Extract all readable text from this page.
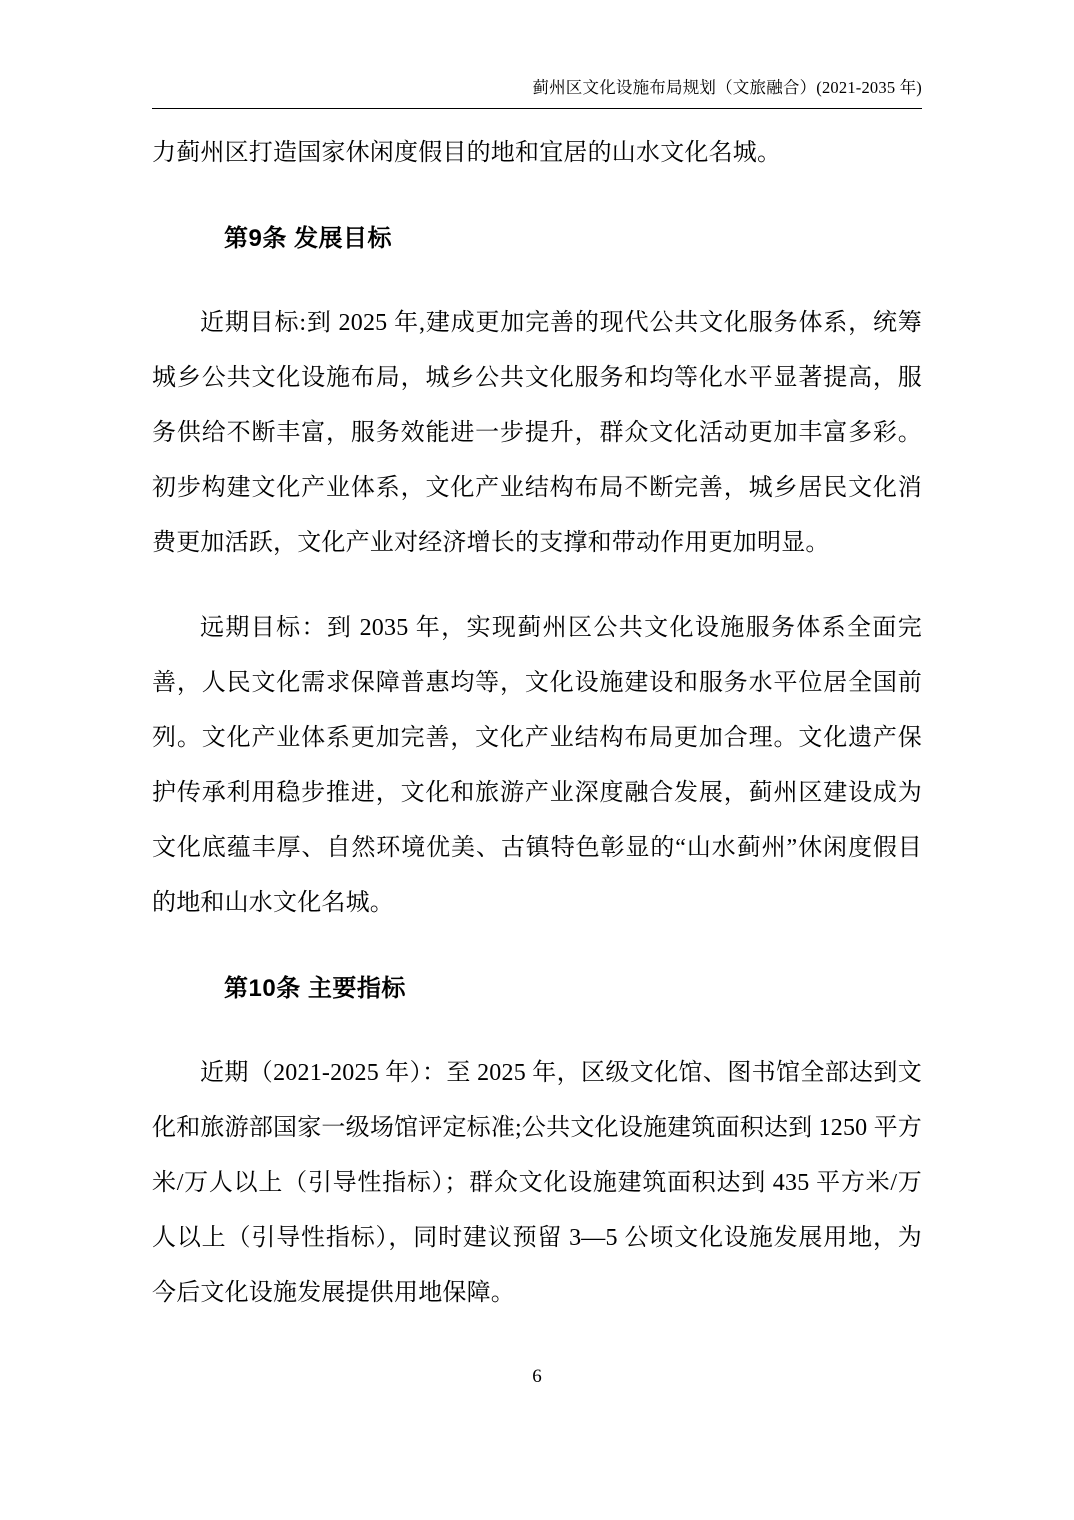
蓟州区文化设施布局规划（文旅融合）(2021-2035 年)

力蓟州区打造国家休闲度假目的地和宜居的山水文化名城。

第9条 发展目标

近期目标:到 2025 年,建成更加完善的现代公共文化服务体系，统筹城乡公共文化设施布局，城乡公共文化服务和均等化水平显著提高，服务供给不断丰富，服务效能进一步提升，群众文化活动更加丰富多彩。初步构建文化产业体系，文化产业结构布局不断完善，城乡居民文化消费更加活跃，文化产业对经济增长的支撑和带动作用更加明显。

远期目标：到 2035 年，实现蓟州区公共文化设施服务体系全面完善，人民文化需求保障普惠均等，文化设施建设和服务水平位居全国前列。文化产业体系更加完善，文化产业结构布局更加合理。文化遗产保护传承利用稳步推进，文化和旅游产业深度融合发展，蓟州区建设成为文化底蕴丰厚、自然环境优美、古镇特色彰显的“山水蓟州”休闲度假目的地和山水文化名城。

第10条 主要指标

近期（2021-2025 年）：至 2025 年，区级文化馆、图书馆全部达到文化和旅游部国家一级场馆评定标准;公共文化设施建筑面积达到 1250 平方米/万人以上（引导性指标）；群众文化设施建筑面积达到 435 平方米/万人以上（引导性指标），同时建议预留 3—5 公顷文化设施发展用地，为今后文化设施发展提供用地保障。

6
